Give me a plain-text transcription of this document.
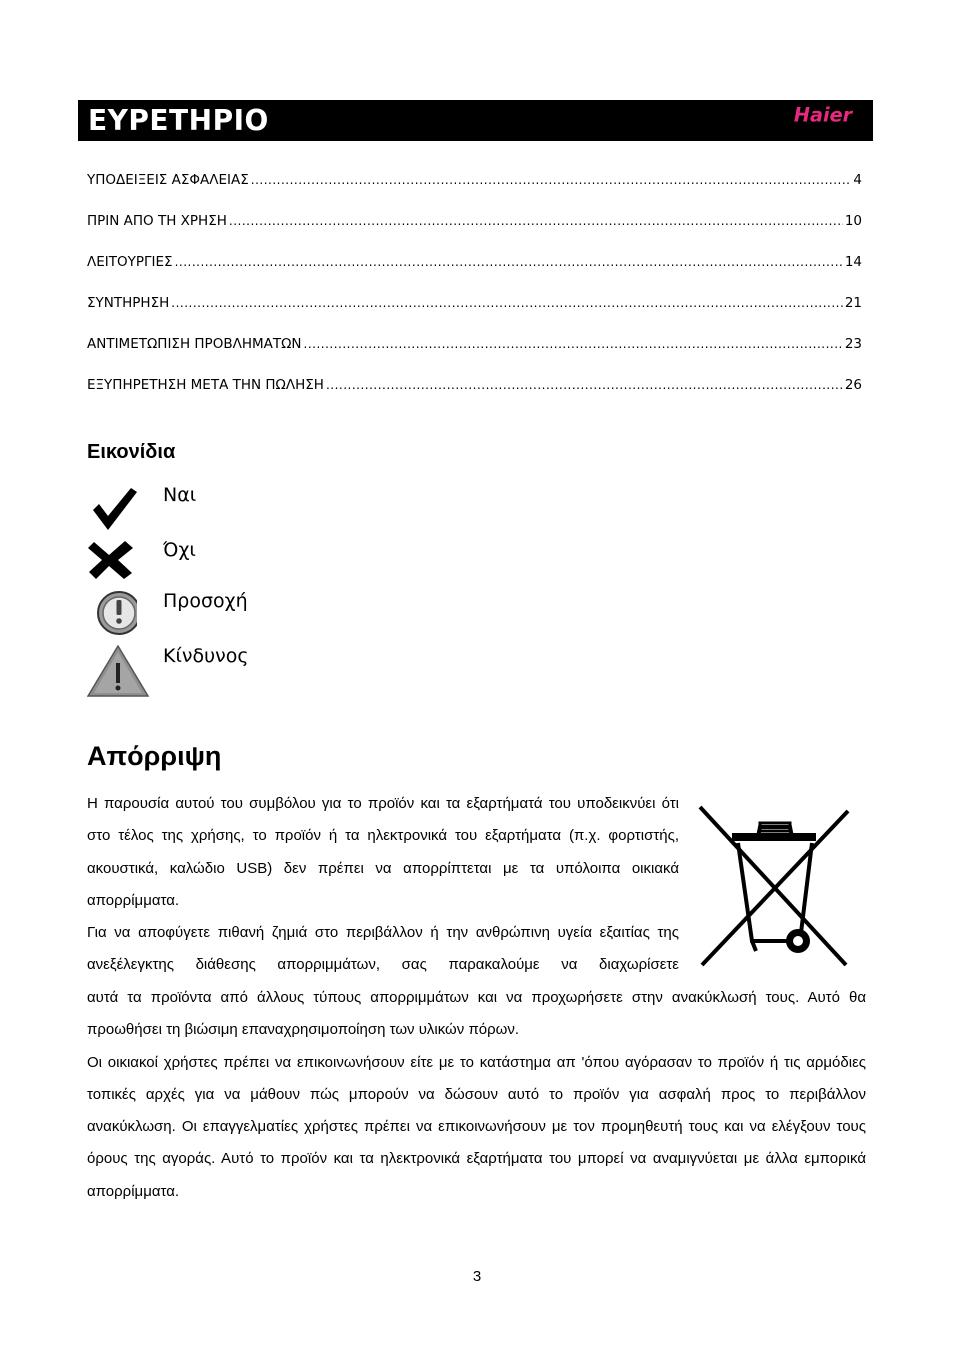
ΕΥΡΕΤΗΡΙΟ	Haier
ΥΠΟΔΕΙΞΕΙΣ ΑΣΦΑΛΕΙΑΣ .....	4
ΠΡΙΝ ΑΠΟ ΤΗ ΧΡΗΣΗ .....	10
ΛΕΙΤΟΥΡΓΙΕΣ .....	14
ΣΥΝΤΗΡΗΣΗ .....	21
ΑΝΤΙΜΕΤΩΠΙΣΗ ΠΡΟΒΛΗΜΑΤΩΝ .....	23
ΕΞΥΠΗΡΕΤΗΣΗ ΜΕΤΑ ΤΗΝ ΠΩΛΗΣΗ .....	26
Εικονίδια
Ναι
Όχι
Προσοχή
Κίνδυνος
Απόρριψη

Η παρουσία αυτού του συμβόλου για το προϊόν και τα εξαρτήματά του υποδεικνύει ότι στο τέλος της χρήσης, το προϊόν ή τα ηλεκτρονικά του εξαρτήματα (π.χ. φορτιστής, ακουστικά, καλώδιο USB) δεν πρέπει να απορρίπτεται με τα υπόλοιπα οικιακά απορρίμματα.

Για να αποφύγετε πιθανή ζημιά στο περιβάλλον ή την ανθρώπινη υγεία εξαιτίας της ανεξέλεγκτης διάθεσης απορριμμάτων, σας παρακαλούμε να διαχωρίσετε

αυτά τα προϊόντα από άλλους τύπους απορριμμάτων και να προχωρήσετε στην ανακύκλωσή τους. Αυτό θα προωθήσει τη βιώσιμη επαναχρησιμοποίηση των υλικών πόρων.

Οι οικιακοί χρήστες πρέπει να επικοινωνήσουν είτε με το κατάστημα απ 'όπου αγόρασαν το προϊόν ή τις αρμόδιες τοπικές αρχές για να μάθουν πώς μπορούν να δώσουν αυτό το προϊόν για ασφαλή προς το περιβάλλον ανακύκλωση. Οι επαγγελματίες χρήστες πρέπει να επικοινωνήσουν με τον προμηθευτή τους και να ελέγξουν τους όρους της αγοράς. Αυτό το προϊόν και τα ηλεκτρονικά εξαρτήματα του μπορεί να αναμιγνύεται με άλλα εμπορικά απορρίμματα.

3
